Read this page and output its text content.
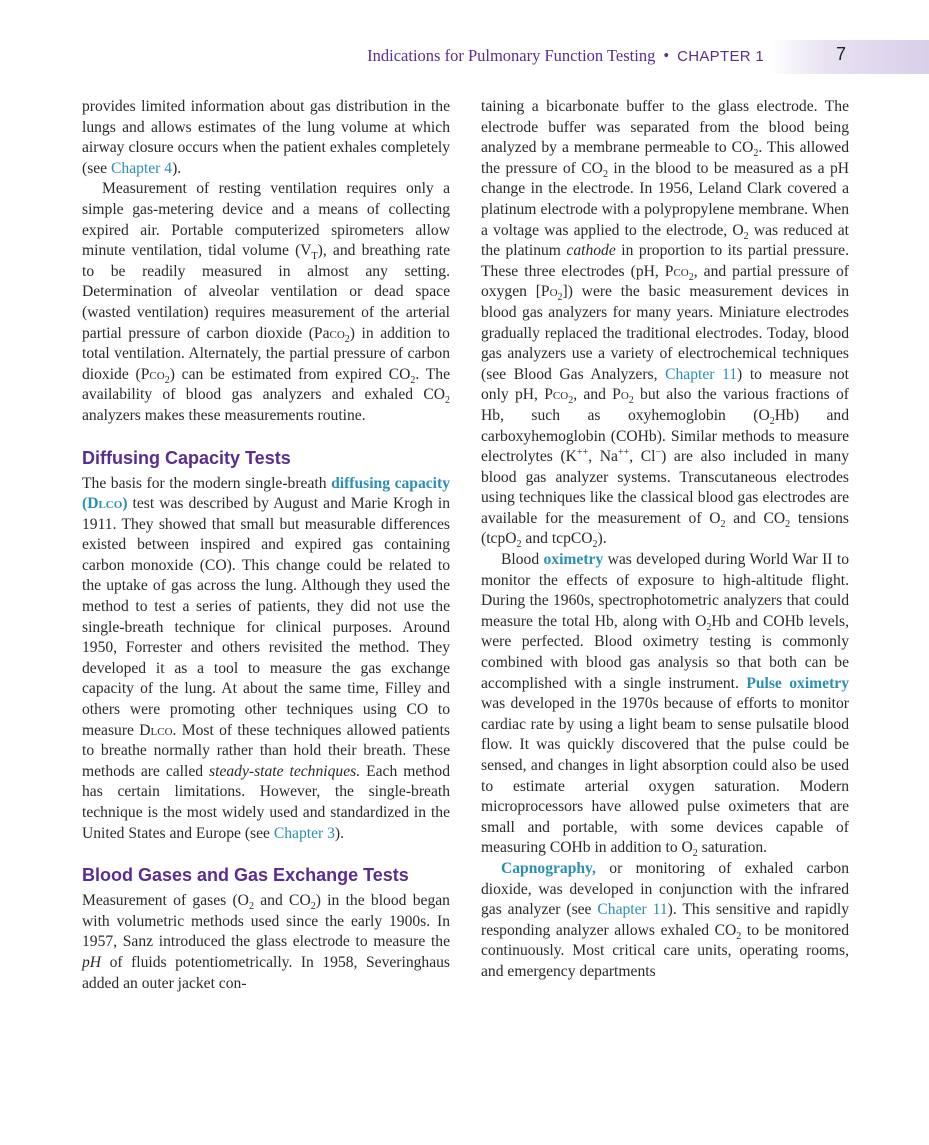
Indications for Pulmonary Function Testing • CHAPTER 1	7

provides limited information about gas distribution in the lungs and allows estimates of the lung volume at which airway closure occurs when the patient exhales completely (see Chapter 4).

Measurement of resting ventilation requires only a simple gas-metering device and a means of collecting expired air. Portable computerized spirometers allow minute ventilation, tidal volume $(V_T)$, and breathing rate to be readily measured in almost any setting. Determination of alveolar ventilation or dead space (wasted ventilation) requires measurement of the arterial partial pressure of carbon dioxide (Paco$_2$) in addition to total ventilation. Alternately, the partial pressure of carbon dioxide (Pco$_2$) can be estimated from expired $CO_2$. The availability of blood gas analyzers and exhaled $CO_2$ analyzers makes these measurements routine.

Diffusing Capacity Tests

The basis for the modern single-breath diffusing capacity (Dlco) test was described by August and Marie Krogh in 1911. They showed that small but measurable differences existed between inspired and expired gas containing carbon monoxide (CO). This change could be related to the uptake of gas across the lung. Although they used the method to test a series of patients, they did not use the single-breath technique for clinical purposes. Around 1950, Forrester and others revisited the method. They developed it as a tool to measure the gas exchange capacity of the lung. At about the same time, Filley and others were promoting other techniques using CO to measure Dlco. Most of these techniques allowed patients to breathe normally rather than hold their breath. These methods are called steady-state techniques. Each method has certain limitations. However, the single-breath technique is the most widely used and standardized in the United States and Europe (see Chapter 3).

Blood Gases and Gas Exchange Tests

Measurement of gases ($O_2$ and $CO_2$) in the blood began with volumetric methods used since the early 1900s. In 1957, Sanz introduced the glass electrode to measure the pH of fluids potentiometrically. In 1958, Severinghaus added an outer jacket con-

taining a bicarbonate buffer to the glass electrode. The electrode buffer was separated from the blood being analyzed by a membrane permeable to $CO_2$. This allowed the pressure of $CO_2$ in the blood to be measured as a pH change in the electrode. In 1956, Leland Clark covered a platinum electrode with a polypropylene membrane. When a voltage was applied to the electrode, $O_2$ was reduced at the platinum cathode in proportion to its partial pressure. These three electrodes (pH, Pco$_2$, and partial pressure of oxygen $[Po_2]$) were the basic measurement devices in blood gas analyzers for many years. Miniature electrodes gradually replaced the traditional electrodes. Today, blood gas analyzers use a variety of electrochemical techniques (see Blood Gas Analyzers, Chapter 11) to measure not only pH, Pco$_2$, and $Po_2$ but also the various fractions of Hb, such as oxyhemoglobin $(O_2Hb)$ and carboxyhemoglobin (COHb). Similar methods to measure electrolytes (K++, Na++, Cl−) are also included in many blood gas analyzer systems. Transcutaneous electrodes using techniques like the classical blood gas electrodes are available for the measurement of $O_2$ and $CO_2$ tensions (tcpO$_2$ and tcpCO$_2$).

Blood oximetry was developed during World War II to monitor the effects of exposure to high-altitude flight. During the 1960s, spectrophotometric analyzers that could measure the total Hb, along with $O_2Hb$ and COHb levels, were perfected. Blood oximetry testing is commonly combined with blood gas analysis so that both can be accomplished with a single instrument. Pulse oximetry was developed in the 1970s because of efforts to monitor cardiac rate by using a light beam to sense pulsatile blood flow. It was quickly discovered that the pulse could be sensed, and changes in light absorption could also be used to estimate arterial oxygen saturation. Modern microprocessors have allowed pulse oximeters that are small and portable, with some devices capable of measuring COHb in addition to $O_2$ saturation.

Capnography, or monitoring of exhaled carbon dioxide, was developed in conjunction with the infrared gas analyzer (see Chapter 11). This sensitive and rapidly responding analyzer allows exhaled $CO_2$ to be monitored continuously. Most critical care units, operating rooms, and emergency departments
